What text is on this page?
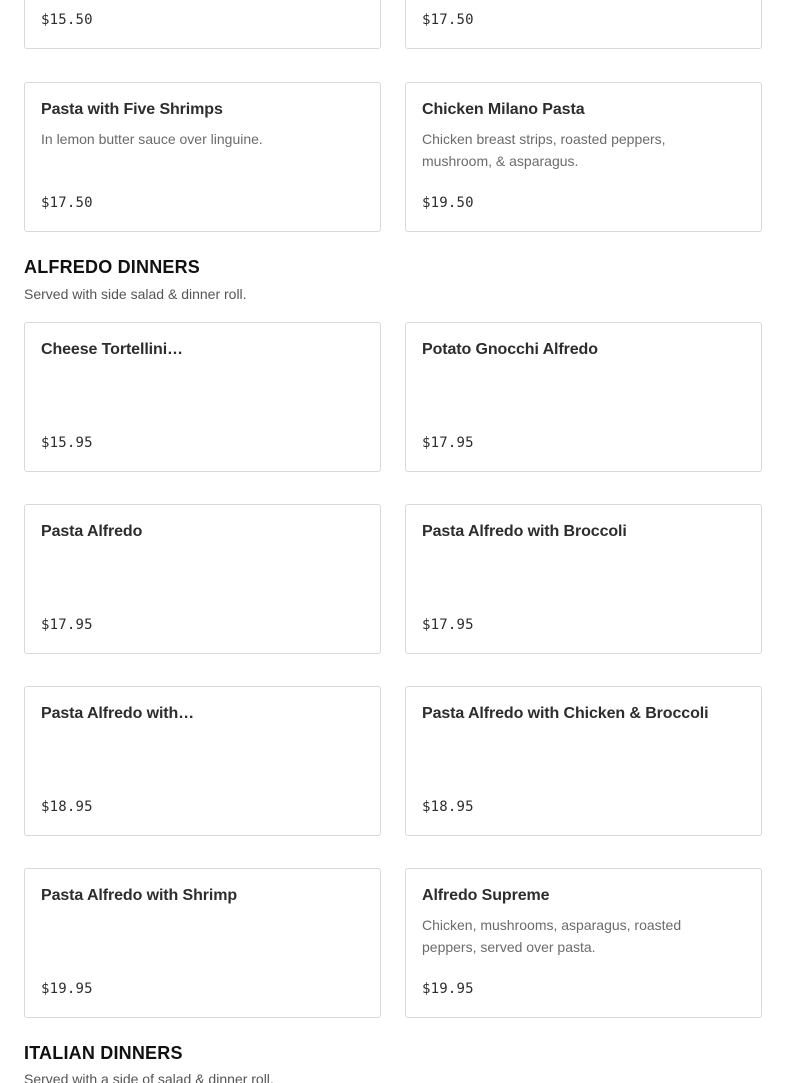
$15.50	$17.50
Pasta with Five Shrimps
In lemon butter sauce over linguine.
$17.50
Chicken Milano Pasta
Chicken breast strips, roasted peppers, mushroom, & asparagus.
$19.50
ALFREDO DINNERS
Served with side salad & dinner roll.
Cheese Tortellini…
$15.95
Potato Gnocchi Alfredo
$17.95
Pasta Alfredo
$17.95
Pasta Alfredo with Broccoli
$17.95
Pasta Alfredo with…
$18.95
Pasta Alfredo with Chicken & Broccoli
$18.95
Pasta Alfredo with Shrimp
$19.95
Alfredo Supreme
Chicken, mushrooms, asparagus, roasted peppers, served over pasta.
$19.95
ITALIAN DINNERS
Served with a side of salad & dinner roll.
